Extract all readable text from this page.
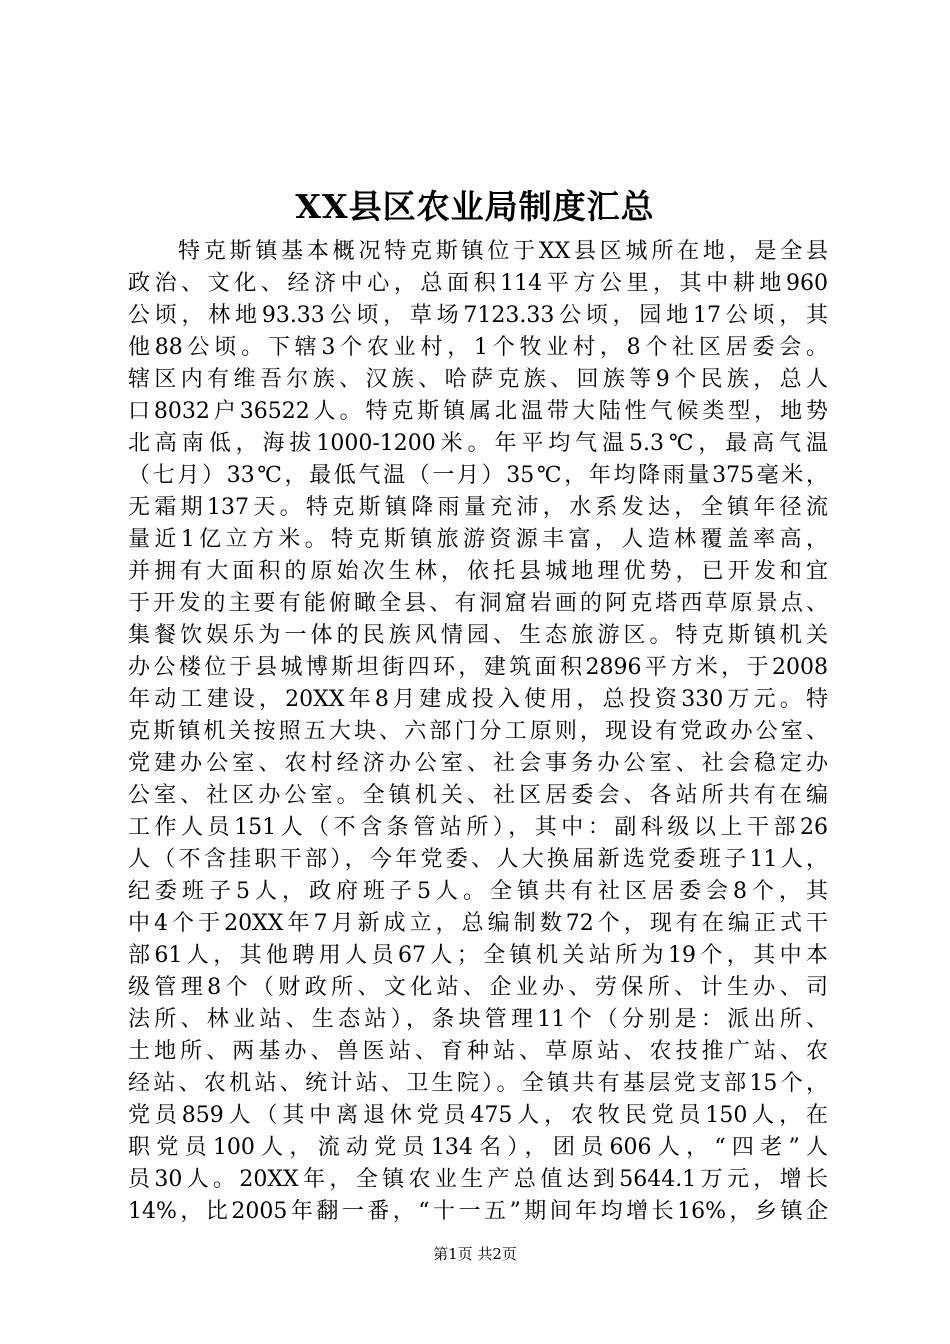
XX县区农业局制度汇总
特克斯镇基本概况特克斯镇位于XX县区城所在地，是全县
政治、文化、经济中心，总面积114平方公里，其中耕地960
公顷，林地93.33公顷，草场7123.33公顷，园地17公顷，其
他88公顷。下辖3个农业村，1个牧业村，8个社区居委会。
辖区内有维吾尔族、汉族、哈萨克族、回族等9个民族，总人
口8032户36522人。特克斯镇属北温带大陆性气候类型，地势
北高南低，海拔1000-1200米。年平均气温5.3℃，最高气温
（七月）33℃，最低气温（一月）35℃，年均降雨量375毫米，
无霜期137天。特克斯镇降雨量充沛，水系发达，全镇年径流
量近1亿立方米。特克斯镇旅游资源丰富，人造林覆盖率高，
并拥有大面积的原始次生林，依托县城地理优势，已开发和宜
于开发的主要有能俯瞰全县、有洞窟岩画的阿克塔西草原景点、
集餐饮娱乐为一体的民族风情园、生态旅游区。特克斯镇机关
办公楼位于县城博斯坦街四环，建筑面积2896平方米，于2008
年动工建设，20XX年8月建成投入使用，总投资330万元。特
克斯镇机关按照五大块、六部门分工原则，现设有党政办公室、
党建办公室、农村经济办公室、社会事务办公室、社会稳定办
公室、社区办公室。全镇机关、社区居委会、各站所共有在编
工作人员151人（不含条管站所），其中：副科级以上干部26
人（不含挂职干部），今年党委、人大换届新选党委班子11人，
纪委班子5人，政府班子5人。全镇共有社区居委会8个，其
中4个于20XX年7月新成立，总编制数72个，现有在编正式干
部61人，其他聘用人员67人；全镇机关站所为19个，其中本
级管理8个（财政所、文化站、企业办、劳保所、计生办、司
法所、林业站、生态站），条块管理11个（分别是：派出所、
土地所、两基办、兽医站、育种站、草原站、农技推广站、农
经站、农机站、统计站、卫生院）。全镇共有基层党支部15个，
党员859人（其中离退休党员475人，农牧民党员150人，在
职党员100人，流动党员134名），团员606人，“四老”人
员30人。20XX年，全镇农业生产总值达到5644.1万元，增长
14%，比2005年翻一番，“十一五”期间年均增长16%，乡镇企
第1页 共2页
